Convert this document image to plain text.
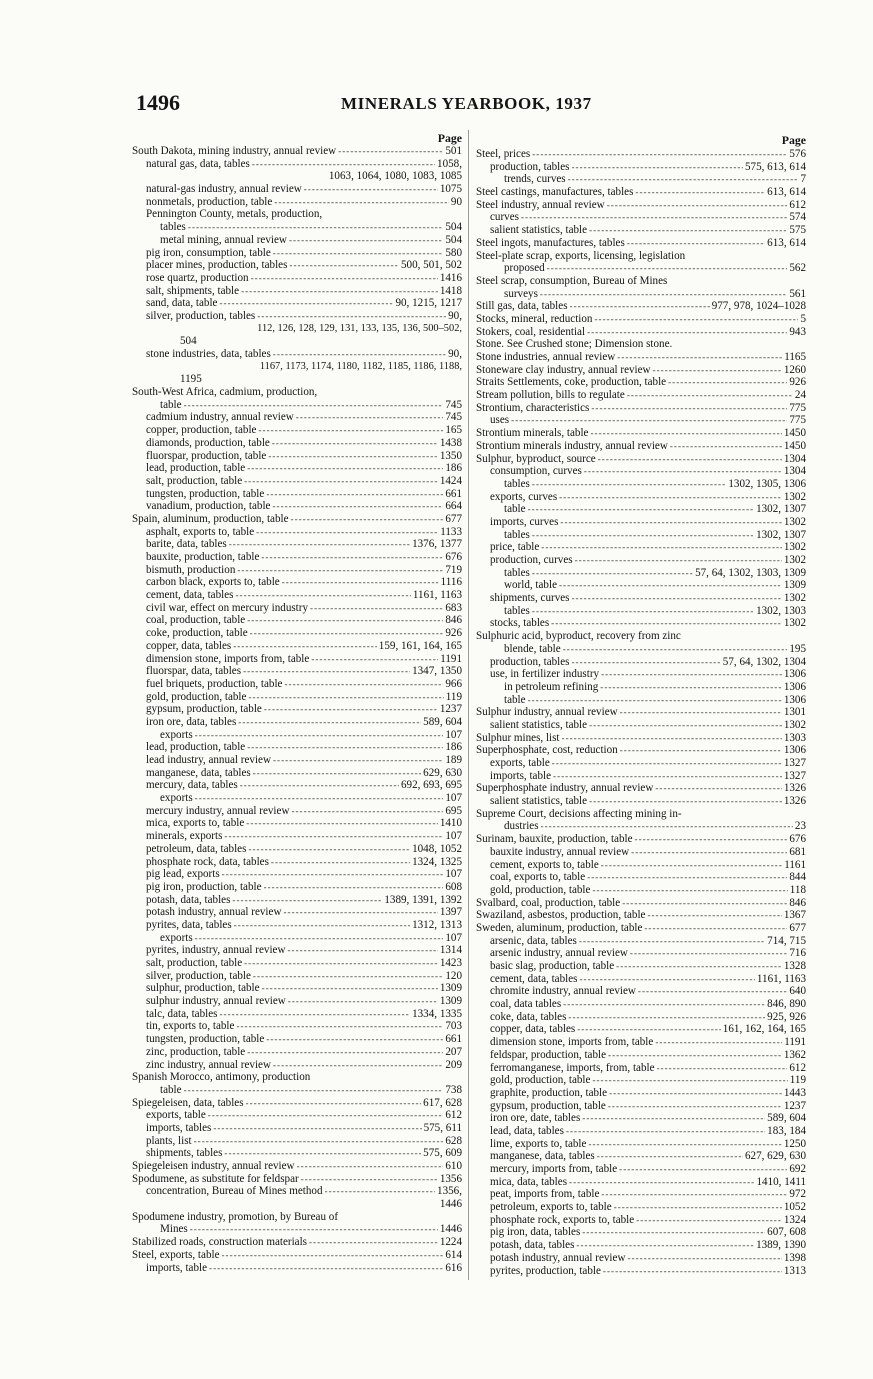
1496	MINERALS YEARBOOK, 1937
Page
South Dakota, mining industry, annual review - - -	501
natural gas, data, tables - - -	1058,
1063, 1064, 1080, 1083, 1085
natural-gas industry, annual review - - -	1075
nonmetals, production, table - - -	90
Pennington County, metals, production,
tables - - -	504
metal mining, annual review - - -	504
pig iron, consumption, table - - -	580
placer mines, production, tables - - -	500, 501, 502
rose quartz, production - - -	1416
salt, shipments, table - - -	1418
sand, data, table - - -	90, 1215, 1217
silver, production, tables - - -	90,
112, 126, 128, 129, 131, 133, 135, 136, 500–502,
504
stone industries, data, tables - - -	90,
1167, 1173, 1174, 1180, 1182, 1185, 1186, 1188,
1195
South-West Africa, cadmium, production,
table - - -	745
cadmium industry, annual review - - -	745
copper, production, table - - -	165
diamonds, production, table - - -	1438
fluorspar, production, table - - -	1350
lead, production, table - - -	186
salt, production, table - - -	1424
tungsten, production, table - - -	661
vanadium, production, table - - -	664
Spain, aluminum, production, table - - -	677
asphalt, exports to, table - - -	1133
barite, data, tables - - -	1376, 1377
bauxite, production, table - - -	676
bismuth, production - - -	719
carbon black, exports to, table - - -	1116
cement, data, tables - - -	1161, 1163
civil war, effect on mercury industry - - -	683
coal, production, table - - -	846
coke, production, table - - -	926
copper, data, tables - - -	159, 161, 164, 165
dimension stone, imports from, table - - -	1191
fluorspar, data, tables - - -	1347, 1350
fuel briquets, production, table - - -	966
gold, production, table - - -	119
gypsum, production, table - - -	1237
iron ore, data, tables - - -	589, 604
exports - - -	107
lead, production, table - - -	186
lead industry, annual review - - -	189
manganese, data, tables - - -	629, 630
mercury, data, tables - - -	692, 693, 695
exports - - -	107
mercury industry, annual review - - -	695
mica, exports to, table - - -	1410
minerals, exports - - -	107
petroleum, data, tables - - -	1048, 1052
phosphate rock, data, tables - - -	1324, 1325
pig lead, exports - - -	107
pig iron, production, table - - -	608
potash, data, tables - - -	1389, 1391, 1392
potash industry, annual review - - -	1397
pyrites, data, tables - - -	1312, 1313
exports - - -	107
pyrites, industry, annual review - - -	1314
salt, production, table - - -	1423
silver, production, table - - -	120
sulphur, production, table - - -	1309
sulphur industry, annual review - - -	1309
talc, data, tables - - -	1334, 1335
tin, exports to, table - - -	703
tungsten, production, table - - -	661
zinc, production, table - - -	207
zinc industry, annual review - - -	209
Spanish Morocco, antimony, production
table - - -	738
Spiegeleisen, data, tables - - -	617, 628
exports, table - - -	612
imports, tables - - -	575, 611
plants, list - - -	628
shipments, tables - - -	575, 609
Spiegeleisen industry, annual review - - -	610
Spodumene, as substitute for feldspar - - -	1356
concentration, Bureau of Mines method - - -	1356,
1446
Spodumene industry, promotion, by Bureau of
Mines - - -	1446
Stabilized roads, construction materials - - -	1224
Steel, exports, table - - -	614
imports, table - - -	616
Page
Steel, prices - - -	576
production, tables - - -	575, 613, 614
trends, curves - - -	7
Steel castings, manufactures, tables - - -	613, 614
Steel industry, annual review - - -	612
curves - - -	574
salient statistics, table - - -	575
Steel ingots, manufactures, tables - - -	613, 614
Steel-plate scrap, exports, licensing, legislation
proposed - - -	562
Steel scrap, consumption, Bureau of Mines
surveys - - -	561
Still gas, data, tables - - -	977, 978, 1024–1028
Stocks, mineral, reduction - - -	5
Stokers, coal, residential - - -	943
Stone. See Crushed stone; Dimension stone.
Stone industries, annual review - - -	1165
Stoneware clay industry, annual review - - -	1260
Straits Settlements, coke, production, table - - -	926
Stream pollution, bills to regulate - - -	24
Strontium, characteristics - - -	775
uses - - -	775
Strontium minerals, table - - -	1450
Strontium minerals industry, annual review - - -	1450
Sulphur, byproduct, source - - -	1304
consumption, curves - - -	1304
tables - - -	1302, 1305, 1306
exports, curves - - -	1302
table - - -	1302, 1307
imports, curves - - -	1302
tables - - -	1302, 1307
price, table - - -	1302
production, curves - - -	1302
tables - - -	57, 64, 1302, 1303, 1309
world, table - - -	1309
shipments, curves - - -	1302
tables - - -	1302, 1303
stocks, tables - - -	1302
Sulphuric acid, byproduct, recovery from zinc
blende, table - - -	195
production, tables - - -	57, 64, 1302, 1304
use, in fertilizer industry - - -	1306
in petroleum refining - - -	1306
table - - -	1306
Sulphur industry, annual review - - -	1301
salient statistics, table - - -	1302
Sulphur mines, list - - -	1303
Superphosphate, cost, reduction - - -	1306
exports, table - - -	1327
imports, table - - -	1327
Superphosphate industry, annual review - - -	1326
salient statistics, table - - -	1326
Supreme Court, decisions affecting mining in-
dustries - - -	23
Surinam, bauxite, production, table - - -	676
bauxite industry, annual review - - -	681
cement, exports to, table - - -	1161
coal, exports to, table - - -	844
gold, production, table - - -	118
Svalbard, coal, production, table - - -	846
Swaziland, asbestos, production, table - - -	1367
Sweden, aluminum, production, table - - -	677
arsenic, data, tables - - -	714, 715
arsenic industry, annual review - - -	716
basic slag, production, table - - -	1328
cement, data, tables - - -	1161, 1163
chromite industry, annual review - - -	640
coal, data tables - - -	846, 890
coke, data, tables - - -	925, 926
copper, data, tables - - -	161, 162, 164, 165
dimension stone, imports from, table - - -	1191
feldspar, production, table - - -	1362
ferromanganese, imports, from, table - - -	612
gold, production, table - - -	119
graphite, production, table - - -	1443
gypsum, production, table - - -	1237
iron ore, date, tables - - -	589, 604
lead, data, tables - - -	183, 184
lime, exports to, table - - -	1250
manganese, data, tables - - -	627, 629, 630
mercury, imports from, table - - -	692
mica, data, tables - - -	1410, 1411
peat, imports from, table - - -	972
petroleum, exports to, table - - -	1052
phosphate rock, exports to, table - - -	1324
pig iron, data, tables - - -	607, 608
potash, data, tables - - -	1389, 1390
potash industry, annual review - - -	1398
pyrites, production, table - - -	1313
